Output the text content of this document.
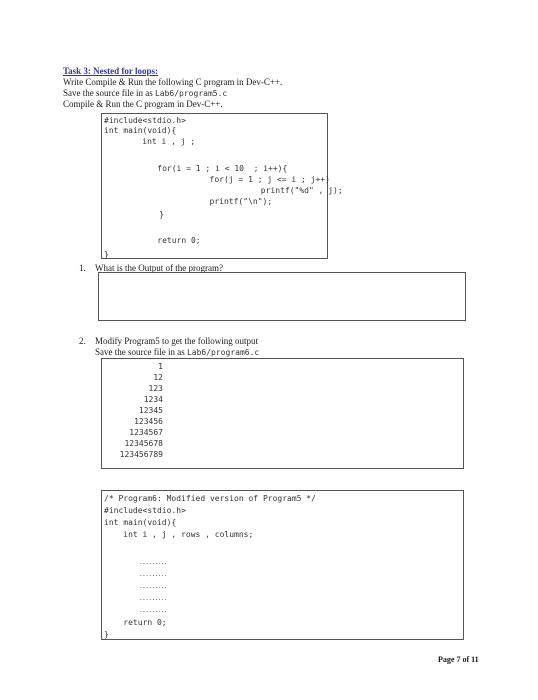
Task 3: Nested for loops:
Write Compile & Run the following C program in Dev-C++.
Save the source file in as Lab6/program5.c
Compile & Run the C program in Dev-C++.
#include<stdio.h>
int main(void){
int i , j ;
for(i = 1 ; i < 10  ; i++){
for(j = 1 ; j <= i ; j++)
printf("%d" , j);
printf("\n");
}
return 0;
}
1. What is the Output of the program?
2. Modify Program5 to get the following output
Save the source file in as Lab6/program6.c
1
12
123
1234
12345
123456
1234567
12345678
123456789
/* Program6: Modified version of Program5 */
#include<stdio.h>
int main(void){
int i , j , rows , columns;
.........
.........
.........
.........
.........
return 0;
}
Page 7 of 11
